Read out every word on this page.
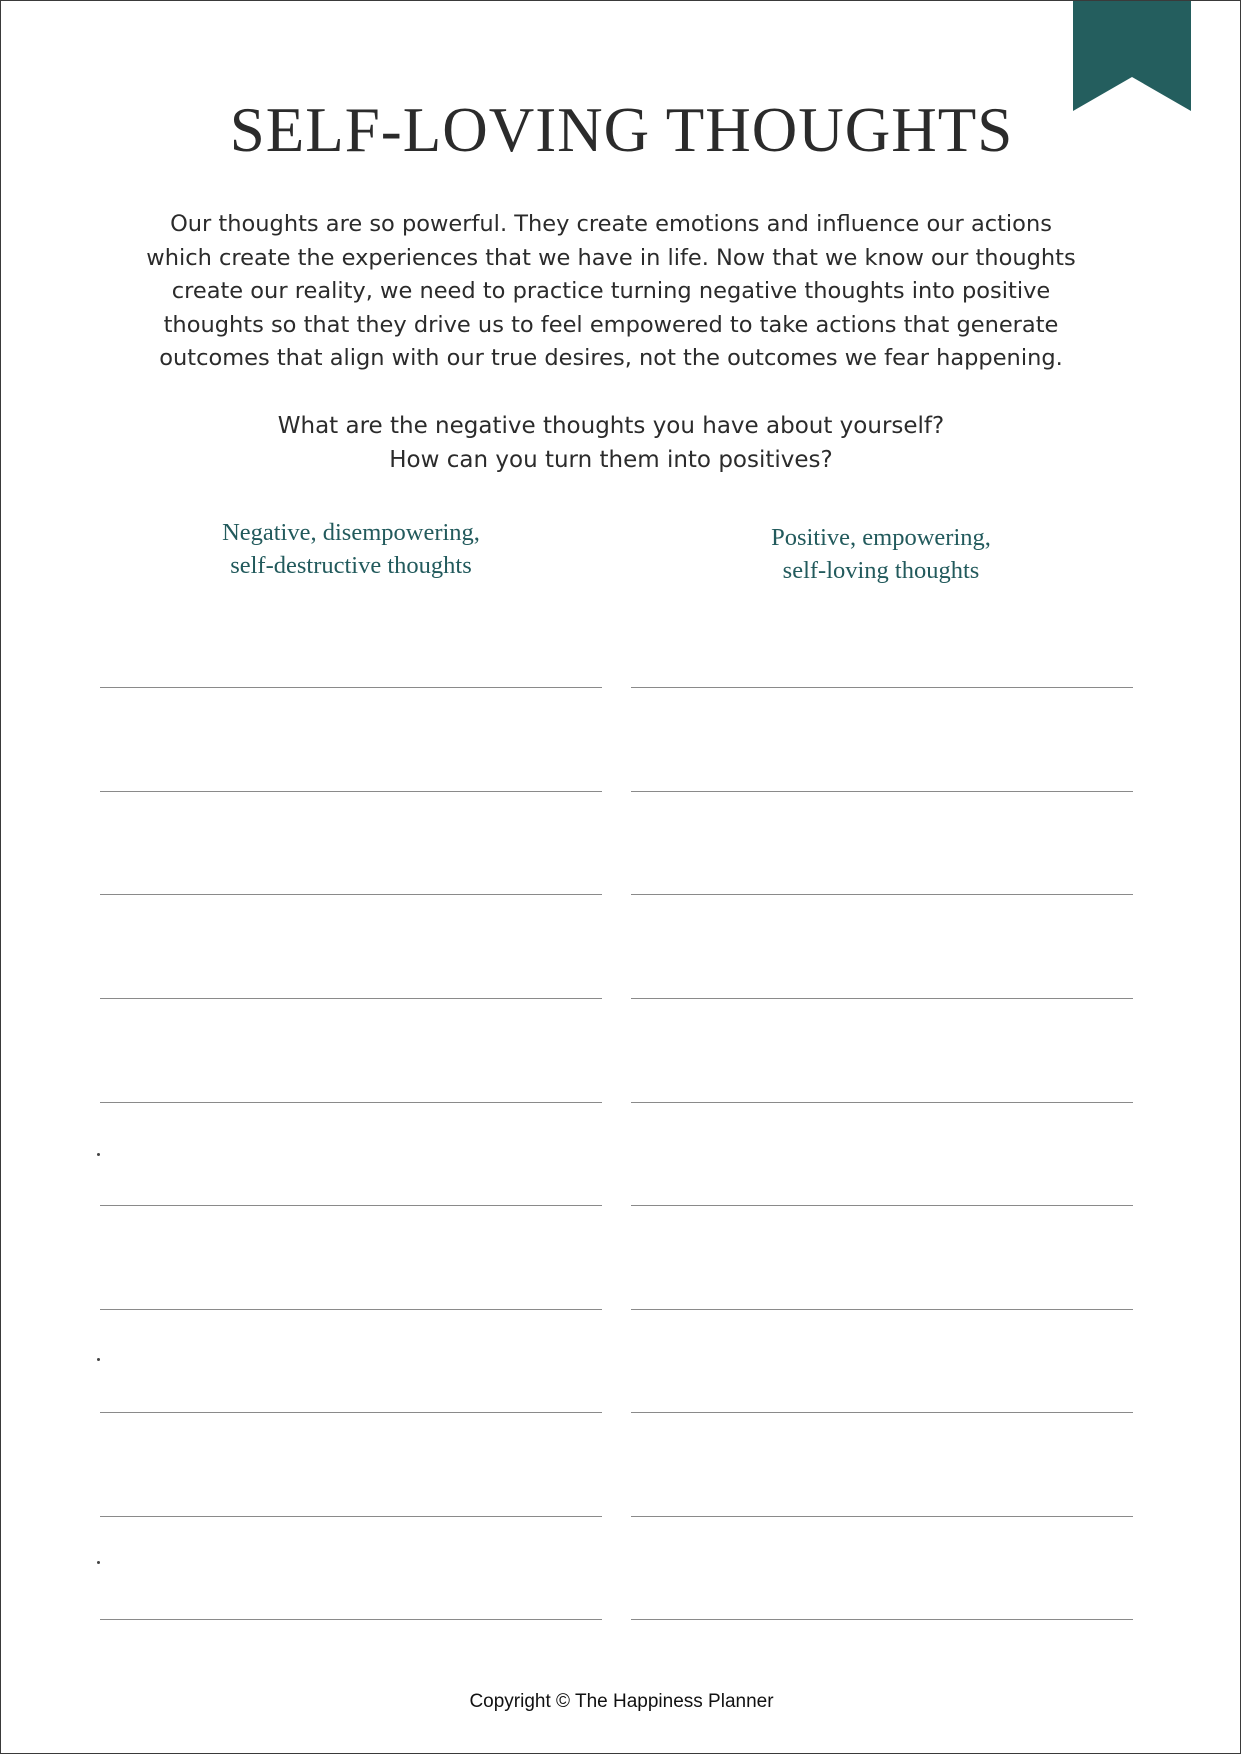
SELF-LOVING THOUGHTS

Our thoughts are so powerful. They create emotions and influence our actions which create the experiences that we have in life. Now that we know our thoughts create our reality, we need to practice turning negative thoughts into positive thoughts so that they drive us to feel empowered to take actions that generate outcomes that align with our true desires, not the outcomes we fear happening.

What are the negative thoughts you have about yourself?
How can you turn them into positives?
Negative, disempowering,
self-destructive thoughts
Positive, empowering,
self-loving thoughts
Copyright © The Happiness Planner
